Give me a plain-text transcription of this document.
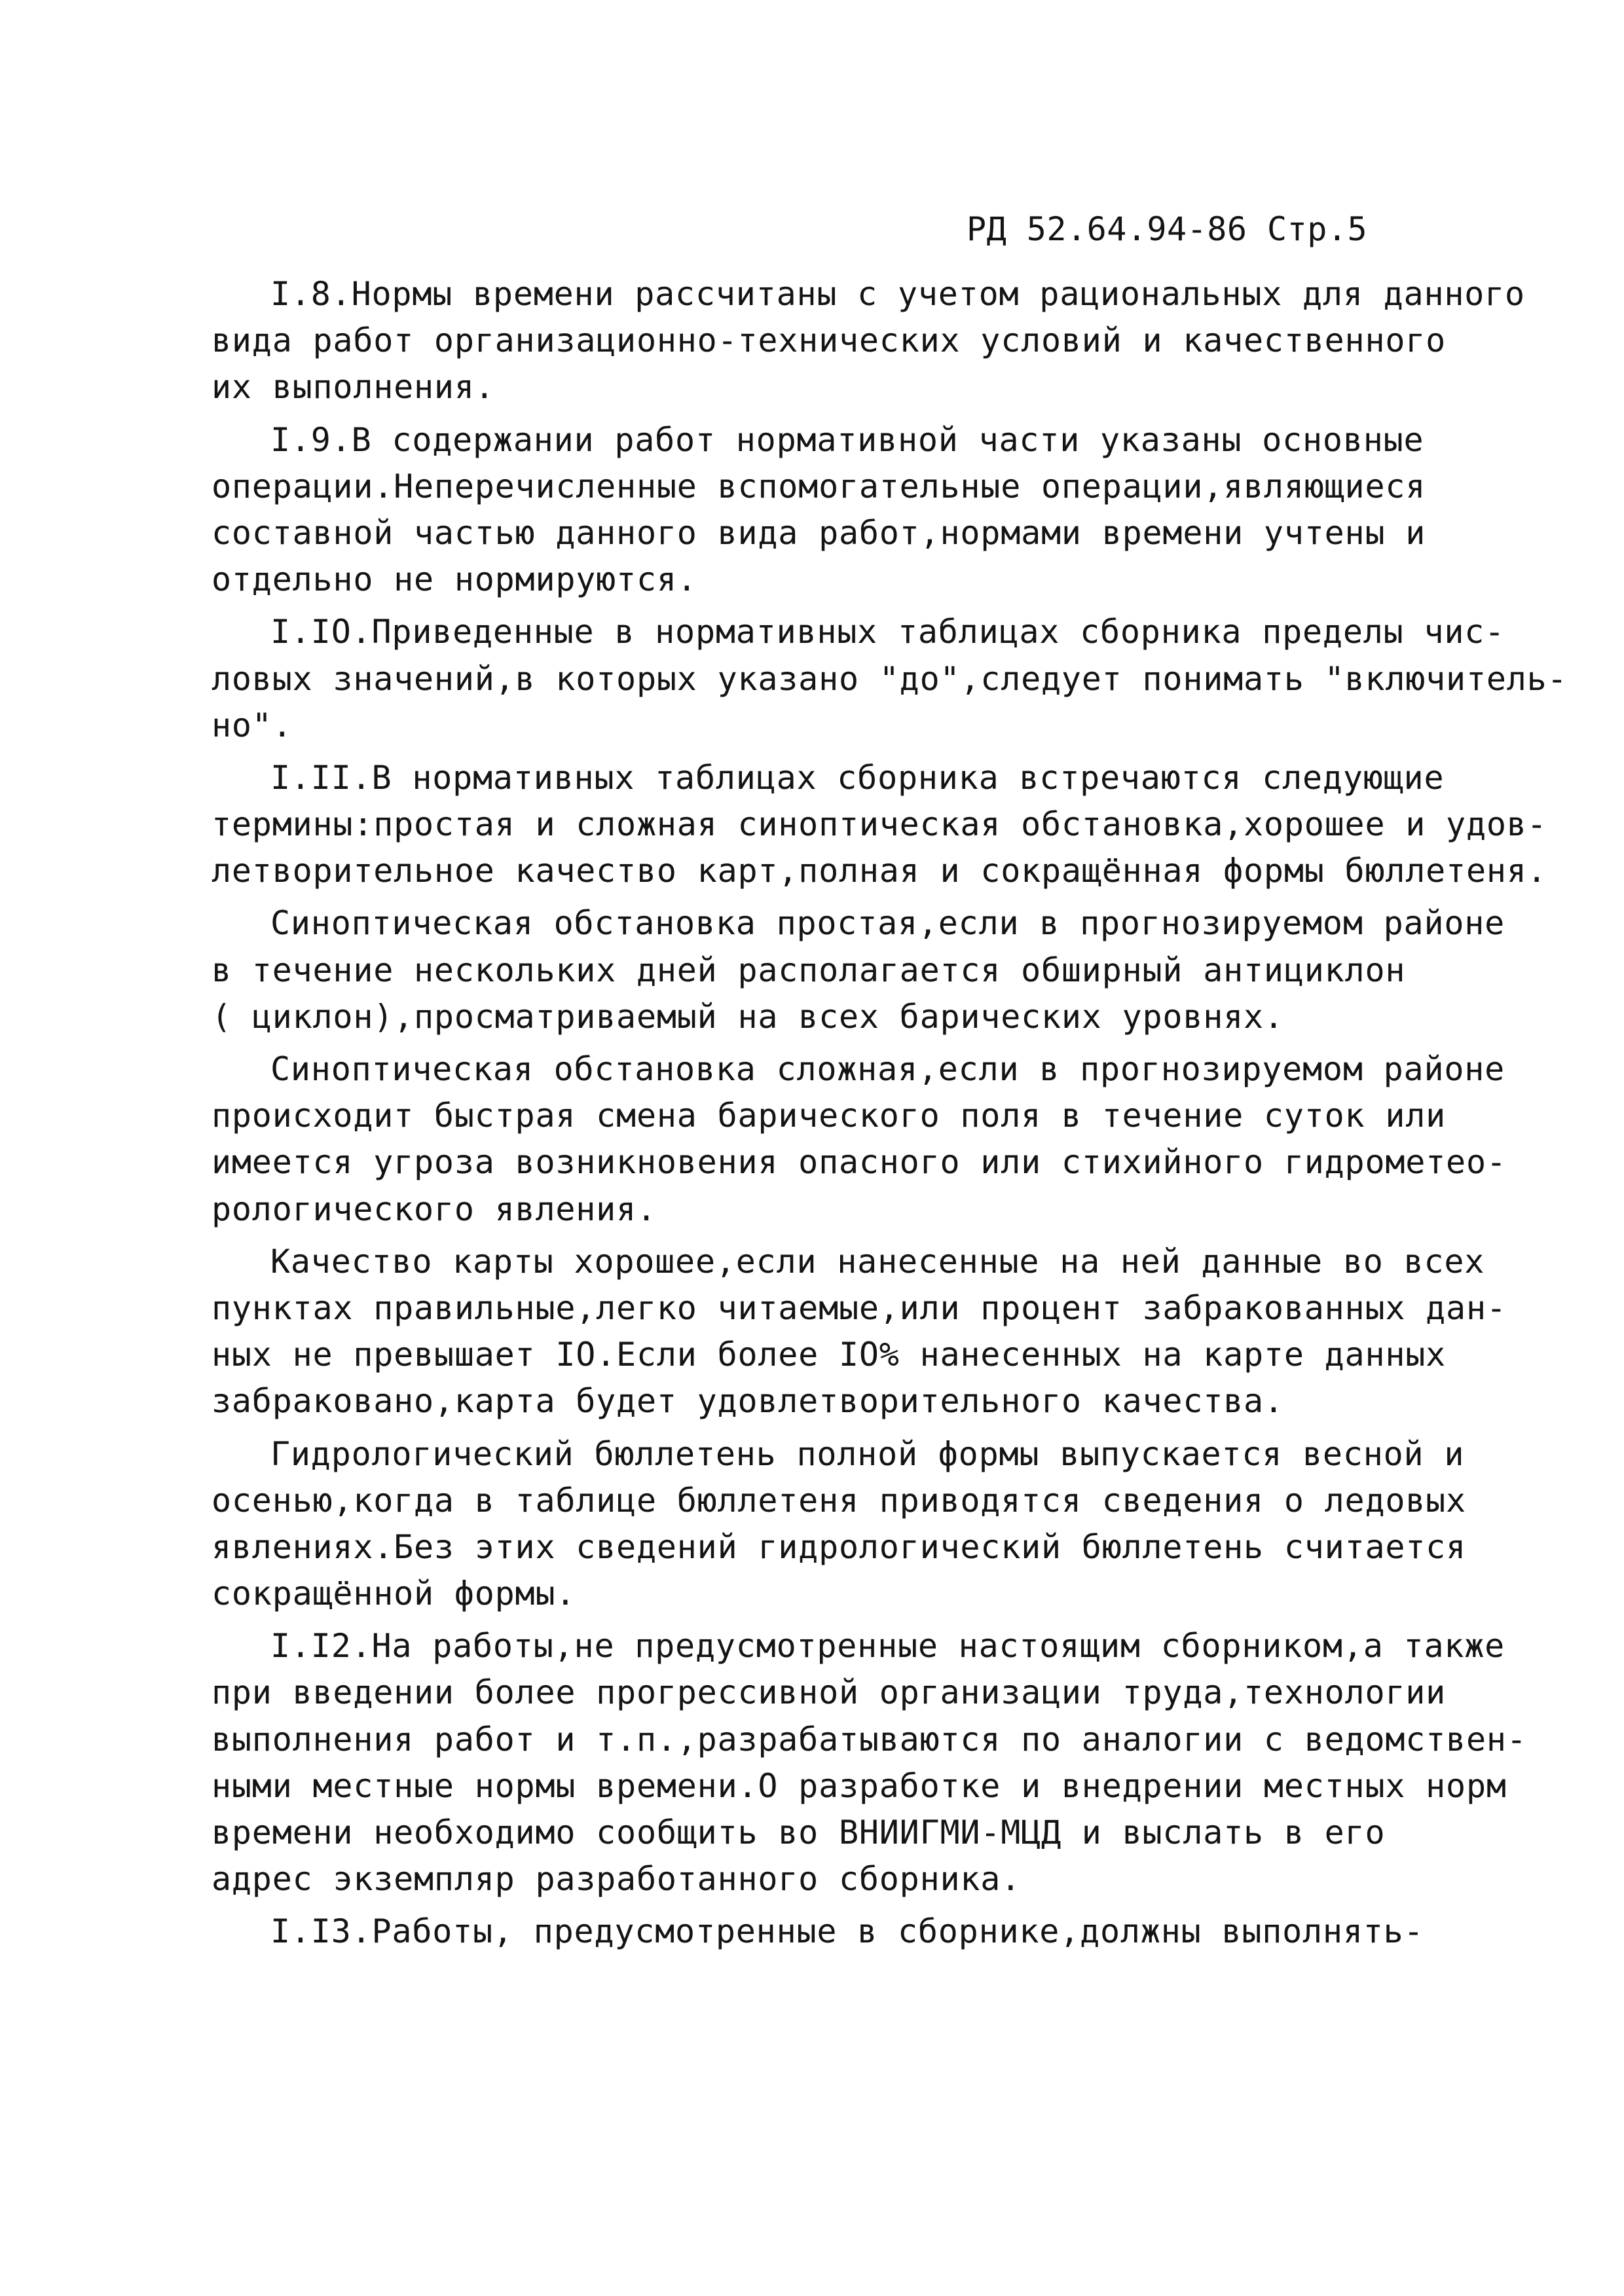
РД 52.64.94-86 Стр.5
I.8.Нормы времени рассчитаны с учетом рациональных для данного
вида работ организационно-технических условий и качественного
их выполнения.
I.9.В содержании работ нормативной части указаны основные
операции.Неперечисленные вспомогательные операции,являющиеся
составной частью данного вида работ,нормами времени учтены и
отдельно не нормируются.
I.IO.Приведенные в нормативных таблицах сборника пределы чис-
ловых значений,в которых указано "до",следует понимать "включитель-
но".
I.II.В нормативных таблицах сборника встречаются следующие
термины:простая и сложная синоптическая обстановка,хорошее и удов-
летворительное качество карт,полная и сокращённая формы бюллетеня.
Синоптическая обстановка простая,если в прогнозируемом районе
в течение нескольких дней располагается обширный антициклон
( циклон),просматриваемый на всех барических уровнях.
Синоптическая обстановка сложная,если в прогнозируемом районе
происходит быстрая смена барического поля в течение суток или
имеется угроза возникновения опасного или стихийного гидрометео-
рологического явления.
Качество карты хорошее,если нанесенные на ней данные во всех
пунктах правильные,легко читаемые,или процент забракованных дан-
ных не превышает IO.Если более IO% нанесенных на карте данных
забраковано,карта будет удовлетворительного качества.
Гидрологический бюллетень полной формы выпускается весной и
осенью,когда в таблице бюллетеня приводятся сведения о ледовых
явлениях.Без этих сведений гидрологический бюллетень считается
сокращённой формы.
I.I2.На работы,не предусмотренные настоящим сборником,а также
при введении более прогрессивной организации труда,технологии
выполнения работ и т.п.,разрабатываются по аналогии с ведомствен-
ными местные нормы времени.О разработке и внедрении местных норм
времени необходимо сообщить во ВНИИГМИ-МЦД и выслать в его
адрес экземпляр разработанного сборника.
I.I3.Работы, предусмотренные в сборнике,должны выполнять-
